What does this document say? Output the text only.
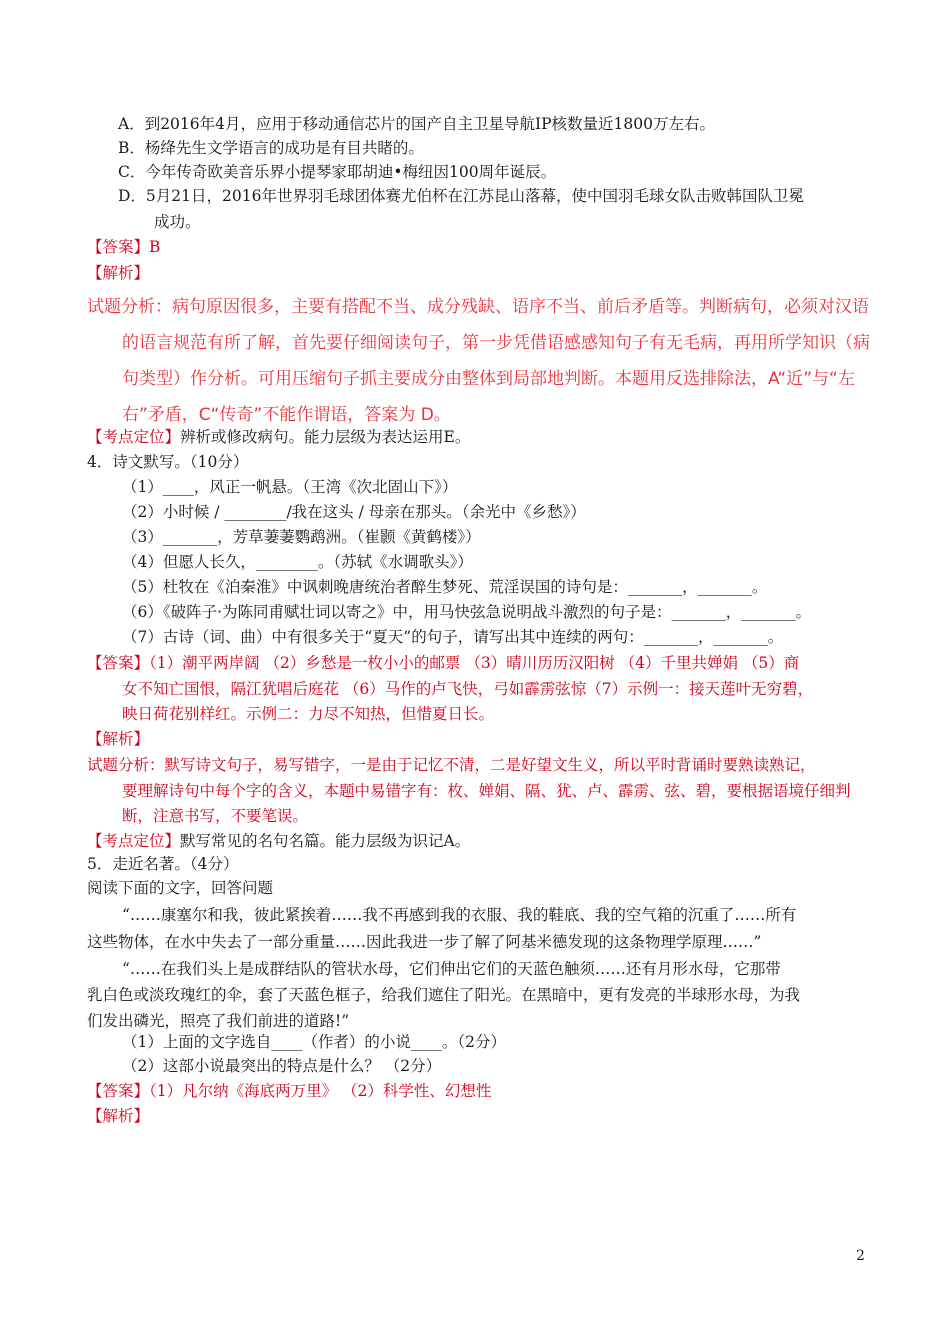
A．到2016年4月，应用于移动通信芯片的国产自主卫星导航IP核数量近1800万左右。
B．杨绛先生文学语言的成功是有目共睹的。
C．今年传奇欧美音乐界小提琴家耶胡迪•梅纽因100周年诞辰。
D．5月21日，2016年世界羽毛球团体赛尤伯杯在江苏昆山落幕，使中国羽毛球女队击败韩国队卫冕
成功。
【答案】B
【解析】
试题分析：病句原因很多，主要有搭配不当、成分残缺、语序不当、前后矛盾等。判断病句，必须对汉语
的语言规范有所了解，首先要仔细阅读句子，第一步凭借语感感知句子有无毛病，再用所学知识（病
句类型）作分析。可用压缩句子抓主要成分由整体到局部地判断。本题用反选排除法，A“近”与“左
右”矛盾，C“传奇”不能作谓语，答案为 D。
【考点定位】辨析或修改病句。能力层级为表达运用E。
4．诗文默写。（10分）
（1）____，风正一帆悬。（王湾《次北固山下》）
（2）小时候 / ________/我在这头 / 母亲在那头。（余光中《乡愁》）
（3）_______，芳草萋萋鹦鹉洲。（崔颢《黄鹤楼》）
（4）但愿人长久，________。（苏轼《水调歌头》）
（5）杜牧在《泊秦淮》中讽刺晚唐统治者醉生梦死、荒淫误国的诗句是：_______，_______。
（6）《破阵子·为陈同甫赋壮词以寄之》中，用马快弦急说明战斗激烈的句子是：_______，_______。
（7）古诗（词、曲）中有很多关于“夏天”的句子，请写出其中连续的两句：_______，_______。
【答案】（1）潮平两岸阔 （2）乡愁是一枚小小的邮票 （3）晴川历历汉阳树 （4）千里共婵娟 （5）商
女不知亡国恨，隔江犹唱后庭花 （6）马作的卢飞快，弓如霹雳弦惊（7）示例一：接天莲叶无穷碧，
映日荷花别样红。示例二：力尽不知热，但惜夏日长。
【解析】
试题分析：默写诗文句子，易写错字，一是由于记忆不清，二是好望文生义，所以平时背诵时要熟读熟记，
要理解诗句中每个字的含义，本题中易错字有：枚、婵娟、隔、犹、卢、霹雳、弦、碧，要根据语境仔细判
断，注意书写，不要笔误。
【考点定位】默写常见的名句名篇。能力层级为识记A。
5．走近名著。（4分）
阅读下面的文字，回答问题
“……康塞尔和我，彼此紧挨着……我不再感到我的衣服、我的鞋底、我的空气箱的沉重了……所有
这些物体，在水中失去了一部分重量……因此我进一步了解了阿基米德发现的这条物理学原理……”
“……在我们头上是成群结队的管状水母，它们伸出它们的天蓝色触须……还有月形水母，它那带
乳白色或淡玫瑰红的伞，套了天蓝色框子，给我们遮住了阳光。在黑暗中，更有发亮的半球形水母，为我
们发出磷光，照亮了我们前进的道路!”
（1）上面的文字选自____（作者）的小说____。（2分）
（2）这部小说最突出的特点是什么？ （2分）
【答案】（1）凡尔纳《海底两万里》 （2）科学性、幻想性
【解析】
2
